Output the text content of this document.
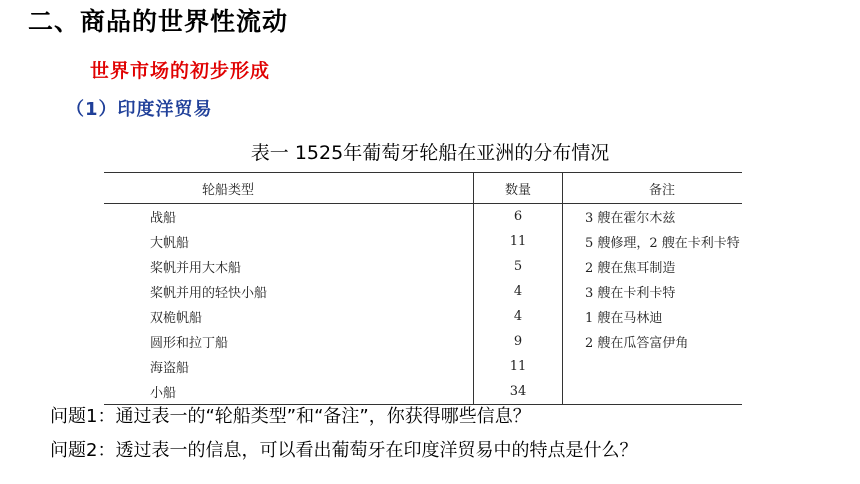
二、商品的世界性流动
世界市场的初步形成
（1）印度洋贸易
表一 1525年葡萄牙轮船在亚洲的分布情况
轮船类型	数量	备注
战船	6	3 艘在霍尔木兹
大帆船	11	5 艘修理，2 艘在卡利卡特
桨帆并用大木船	5	2 艘在焦耳制造
桨帆并用的轻快小船	4	3 艘在卡利卡特
双桅帆船	4	1 艘在马林迪
圆形和拉丁船	9	2 艘在瓜答富伊角
海盗船	11	
小船	34	
问题1：通过表一的“轮船类型”和“备注”，你获得哪些信息？
问题2：透过表一的信息，可以看出葡萄牙在印度洋贸易中的特点是什么？
